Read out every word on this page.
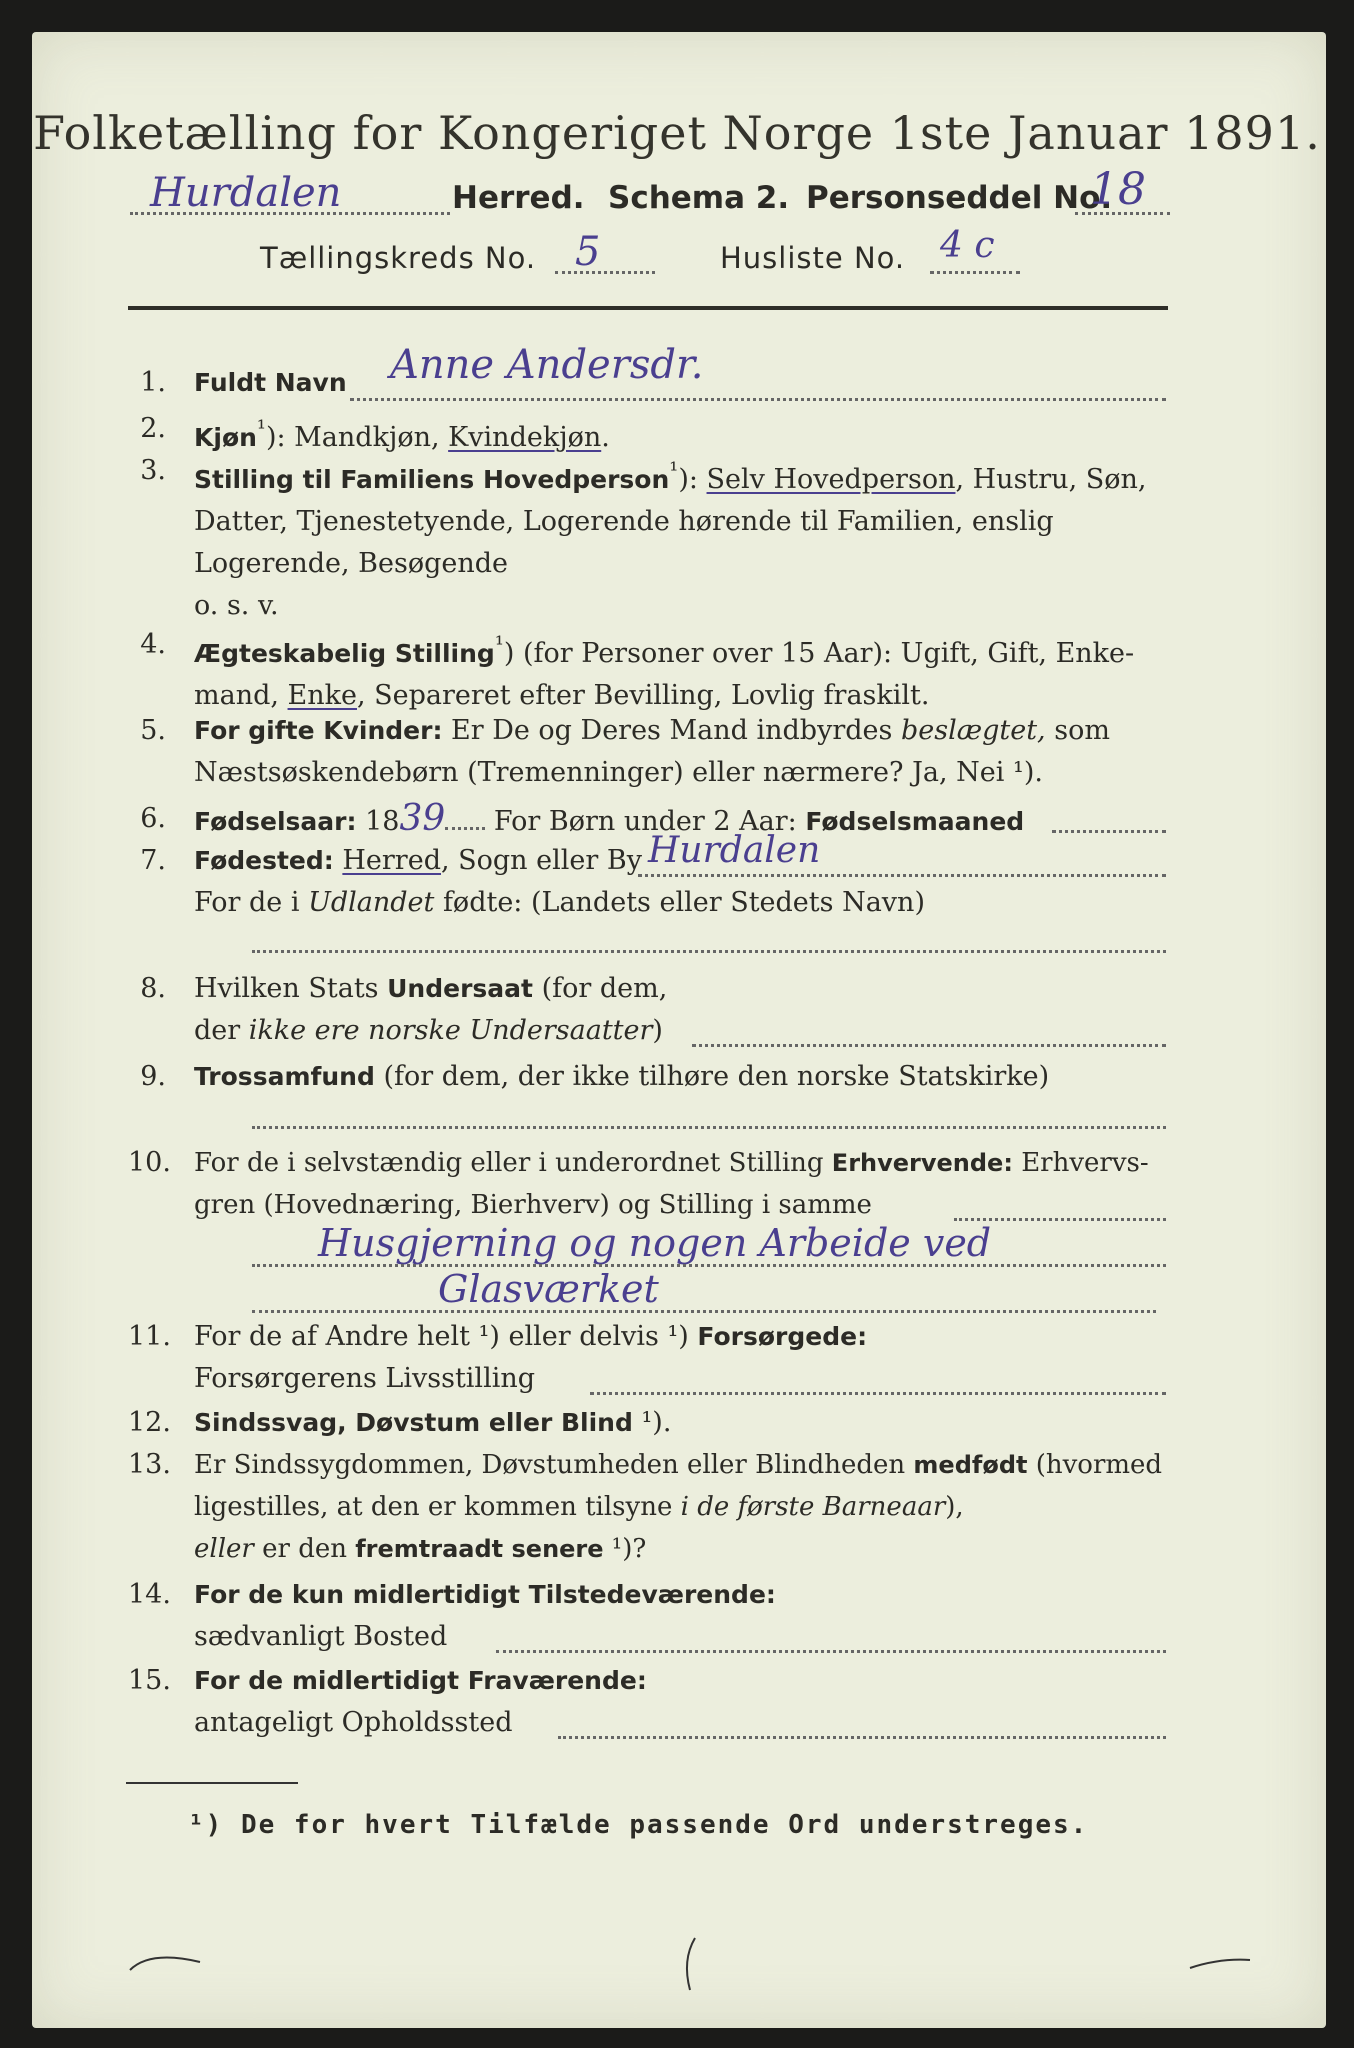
Folketælling for Kongeriget Norge 1ste Januar 1891.
Hurdalen	Herred. Schema 2. Personseddel No.
18
Tællingskreds No. 5	Husliste No. 4 c
1. Fuldt Navn	Anne Andersdr.
2. Kjøn$^{^1}$): Mandkjøn, Kvindekjøn.
3. Stilling til Familiens Hovedperson$^{^1}$): Selv Hovedperson, Hustru, Søn,
Datter, Tjenestetyende, Logerende hørende til Familien, enslig
Logerende, Besøgende
o. s. v.
4. Ægteskabelig Stilling$^{^1}$) (for Personer over 15 Aar): Ugift, Gift, Enke-
mand, Enke, Separeret efter Bevilling, Lovlig fraskilt.
5. For gifte Kvinder: Er De og Deres Mand indbyrdes beslægtet, som
Næstsøskendebørn (Tremenninger) eller nærmere? Ja, Nei ¹).
6. Fødselsaar: 1839 For Børn under 2 Aar: Fødselsmaaned
7. Fødested: Herred, Sogn eller By
For de i Udlandet fødte: (Landets eller Stedets Navn)
Hurdalen
8. Hvilken Stats Undersaat (for dem,
der ikke ere norske Undersaatter)
9. Trossamfund (for dem, der ikke tilhøre den norske Statskirke)
10. For de i selvstændig eller i underordnet Stilling Erhvervende: Erhvervs-
gren (Hovednæring, Bierhverv) og Stilling i samme
Husgjerning og nogen Arbeide ved
Glasværket
11. For de af Andre helt ¹) eller delvis ¹) Forsørgede:
Forsørgerens Livsstilling
12. Sindssvag, Døvstum eller Blind ¹).
13. Er Sindssygdommen, Døvstumheden eller Blindheden medfødt (hvormed
ligestilles, at den er kommen tilsyne i de første Barneaar),
eller er den fremtraadt senere ¹)?
14. For de kun midlertidigt Tilstedeværende:
sædvanligt Bosted
15. For de midlertidigt Fraværende:
antageligt Opholdssted
¹) De for hvert Tilfælde passende Ord understreges.
